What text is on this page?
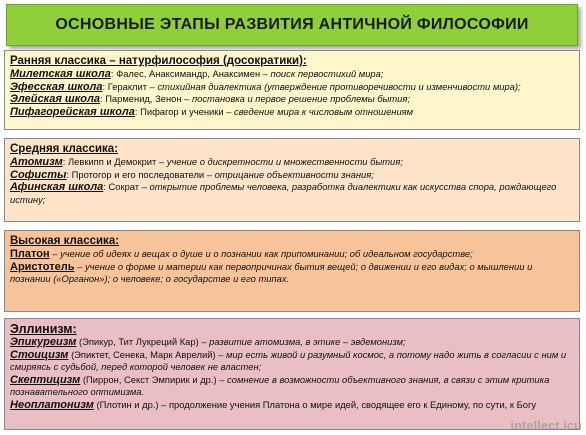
ОСНОВНЫЕ ЭТАПЫ РАЗВИТИЯ АНТИЧНОЙ ФИЛОСОФИИ
Ранняя классика – натурфилософия (досократики):
Милетская школа: Фалес, Анаксимандр, Анаксимен – поиск первостихий мира;
Эфесская школа: Гераклит – стихийная диалектика (утверждение противоречивости и изменчивости мира);
Элейская школа: Парменид, Зенон – постановка и первое решение проблемы бытия;
Пифагорейская школа: Пифагор и ученики – сведение мира к числовым отношениям
Средняя классика:
Атомизм: Левкипп и Демокрит – учение о дискретности и множественности бытия;
Софисты: Протогор и его последователи – отрицание объективности знания;
Афинская школа: Сократ – открытие проблемы человека, разработка диалектики как искусства спора, рождающего истину;
Высокая классика:
Платон – учение об идеях и вещах о душе и о познании как припоминании; об идеальном государстве;
Аристотель – учение о форме и материи как первопричинах бытия вещей; о движении и его видах; о мышлении и познании («Органон»); о человеке; о государстве и его типах.
Эллинизм:
Эпикуреизм (Эпикур, Тит Лукреций Кар) – развитие атомизма, в этике – эвдемонизм;
Стоицизм (Эпиктет, Сенека, Марк Аврелий) – мир есть живой и разумный космос, а потому надо жить в согласии с ним и смиряясь с судьбой, перед которой человек не властен;
Скептицизм (Пиррон, Секст Эмпирик и др.) – сомнение в возможности объективного знания, в связи с этим критика познавательного оптимизма.
Неоплатонизм (Плотин и др.) – продолжение учения Платона о мире идей, сводящее его к Единому, по сути, к Богу
intellect.icu
